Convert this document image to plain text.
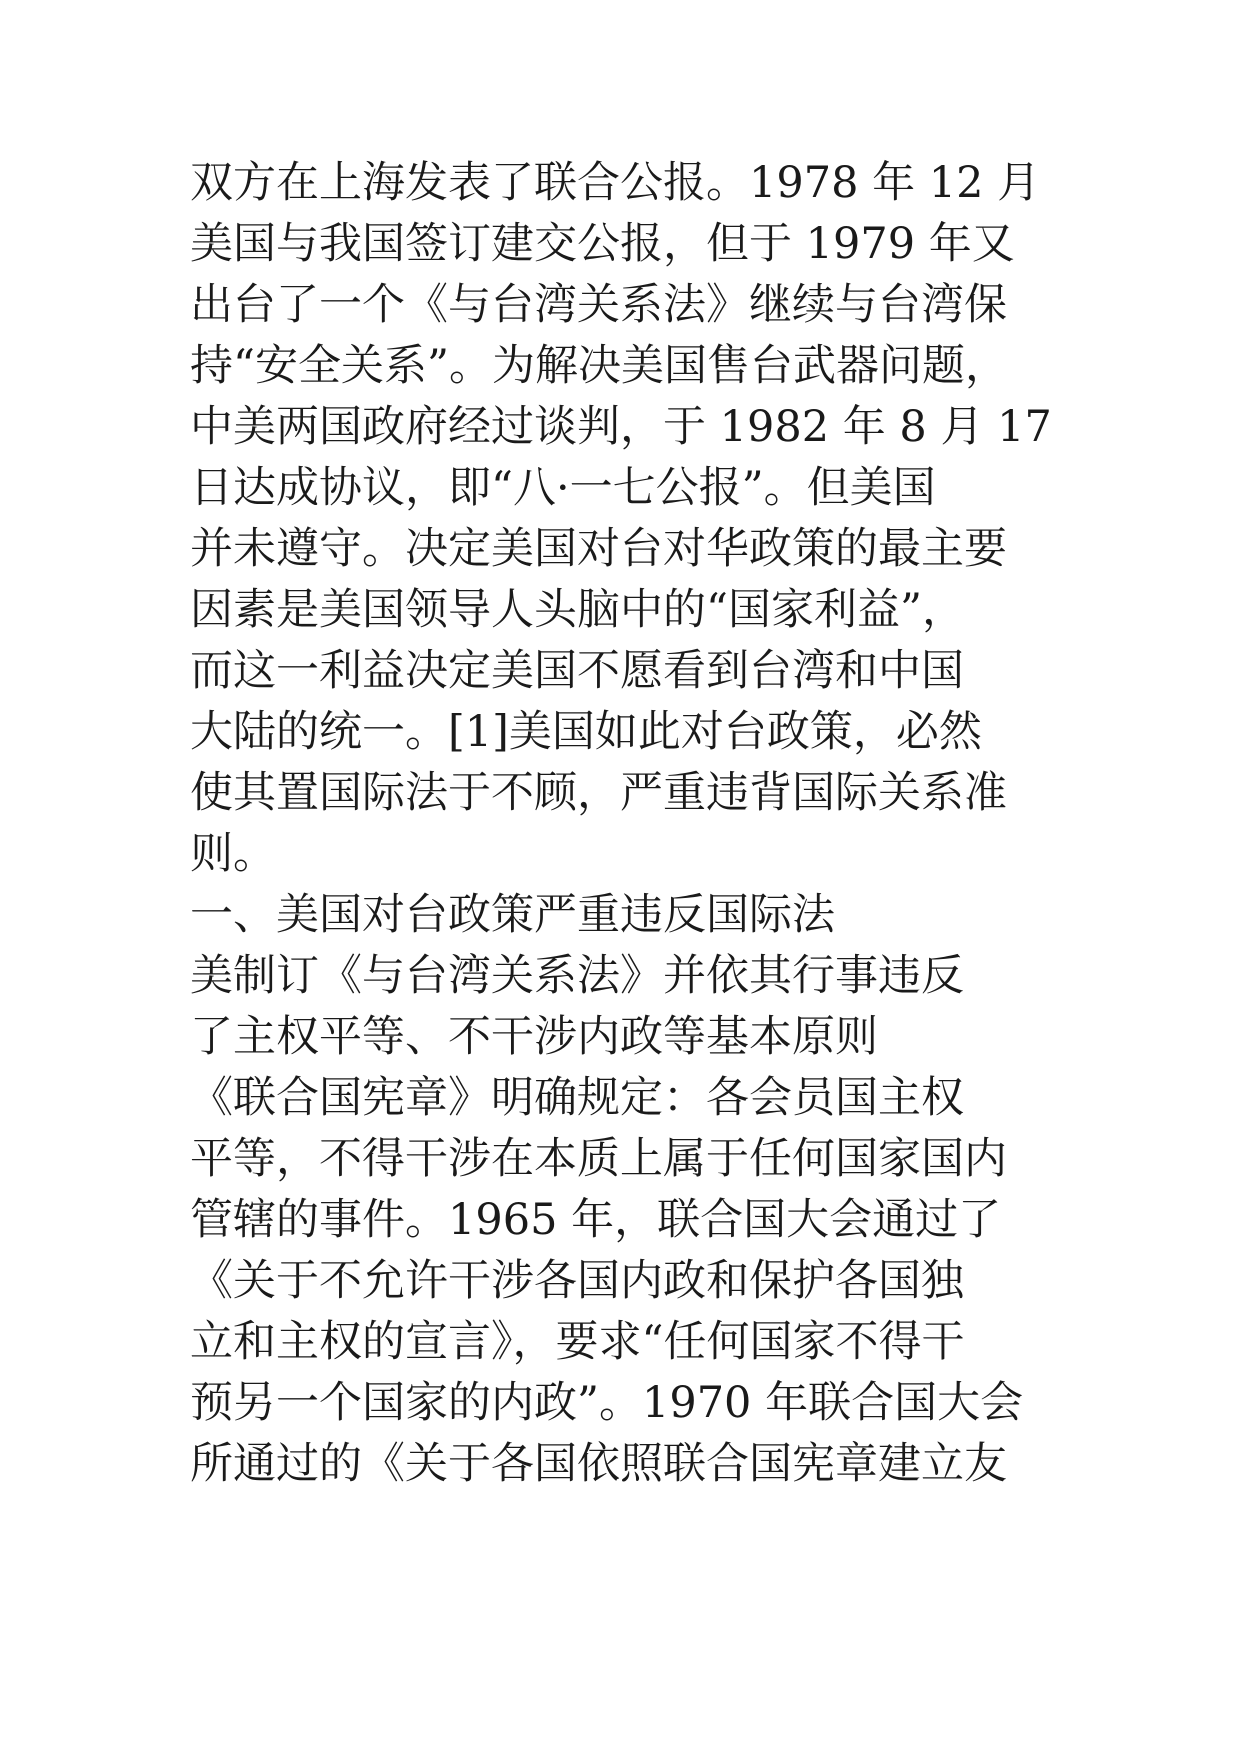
双方在上海发表了联合公报。1978 年 12 月
美国与我国签订建交公报，但于 1979 年又
出台了一个《与台湾关系法》继续与台湾保
持“安全关系”。为解决美国售台武器问题，
中美两国政府经过谈判，于 1982 年 8 月 17
日达成协议，即“八·一七公报”。但美国
并未遵守。决定美国对台对华政策的最主要
因素是美国领导人头脑中的“国家利益”，
而这一利益决定美国不愿看到台湾和中国
大陆的统一。[1]美国如此对台政策，必然
使其置国际法于不顾，严重违背国际关系准
则。
一、美国对台政策严重违反国际法
美制订《与台湾关系法》并依其行事违反
了主权平等、不干涉内政等基本原则
《联合国宪章》明确规定：各会员国主权
平等，不得干涉在本质上属于任何国家国内
管辖的事件。1965 年，联合国大会通过了
《关于不允许干涉各国内政和保护各国独
立和主权的宣言》，要求“任何国家不得干
预另一个国家的内政”。1970 年联合国大会
所通过的《关于各国依照联合国宪章建立友
